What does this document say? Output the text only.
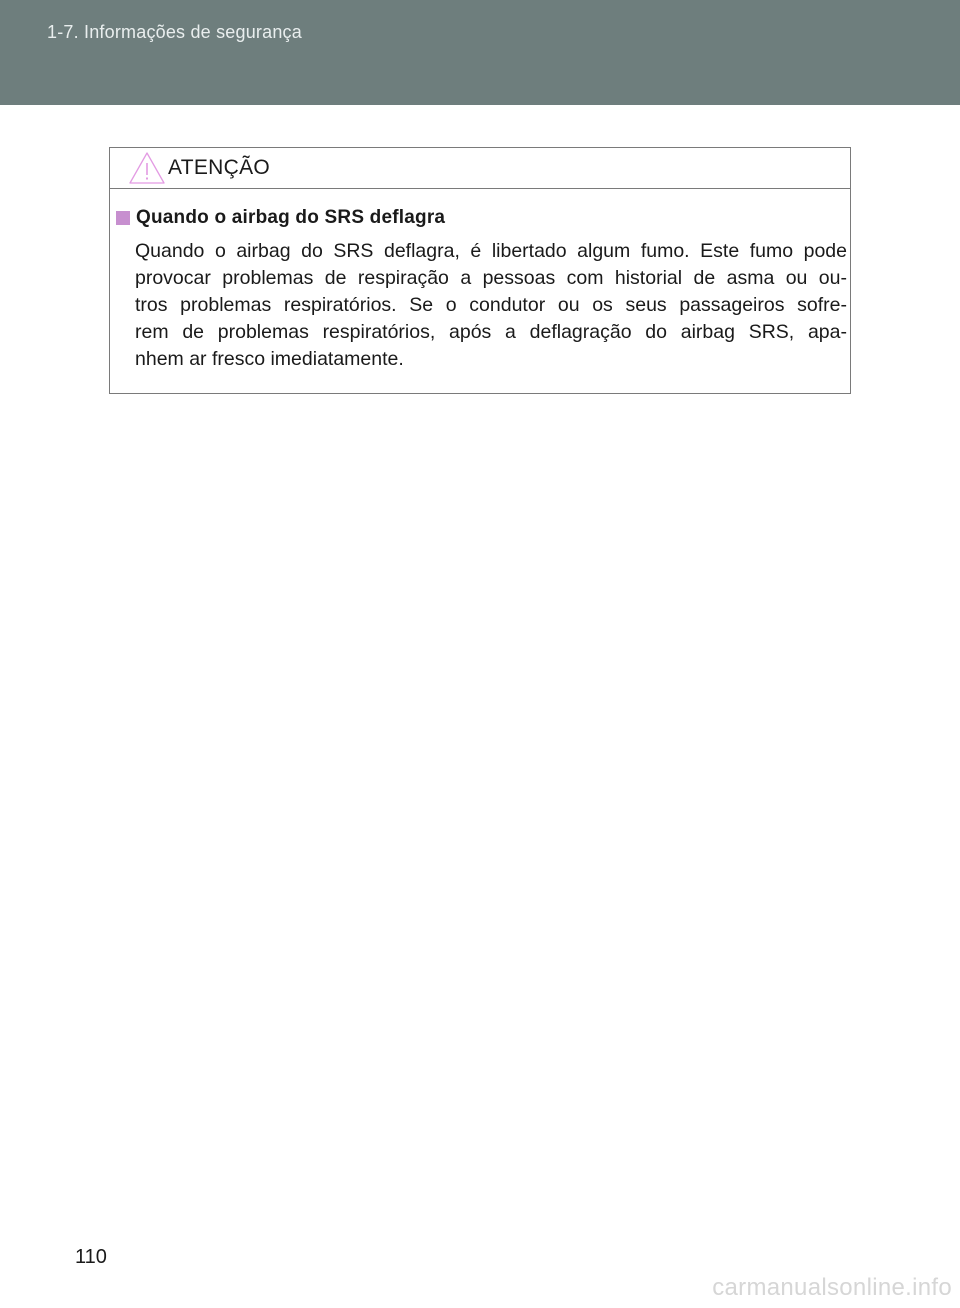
1-7. Informações de segurança
ATENÇÃO
Quando o airbag do SRS deflagra
Quando o airbag do SRS deflagra, é libertado algum fumo. Este fumo pode
provocar problemas de respiração a pessoas com historial de asma ou ou-
tros problemas respiratórios. Se o condutor ou os seus passageiros sofre-
rem de problemas respiratórios, após a deflagração do airbag SRS, apa-
nhem ar fresco imediatamente.
110
carmanualsonline.info
